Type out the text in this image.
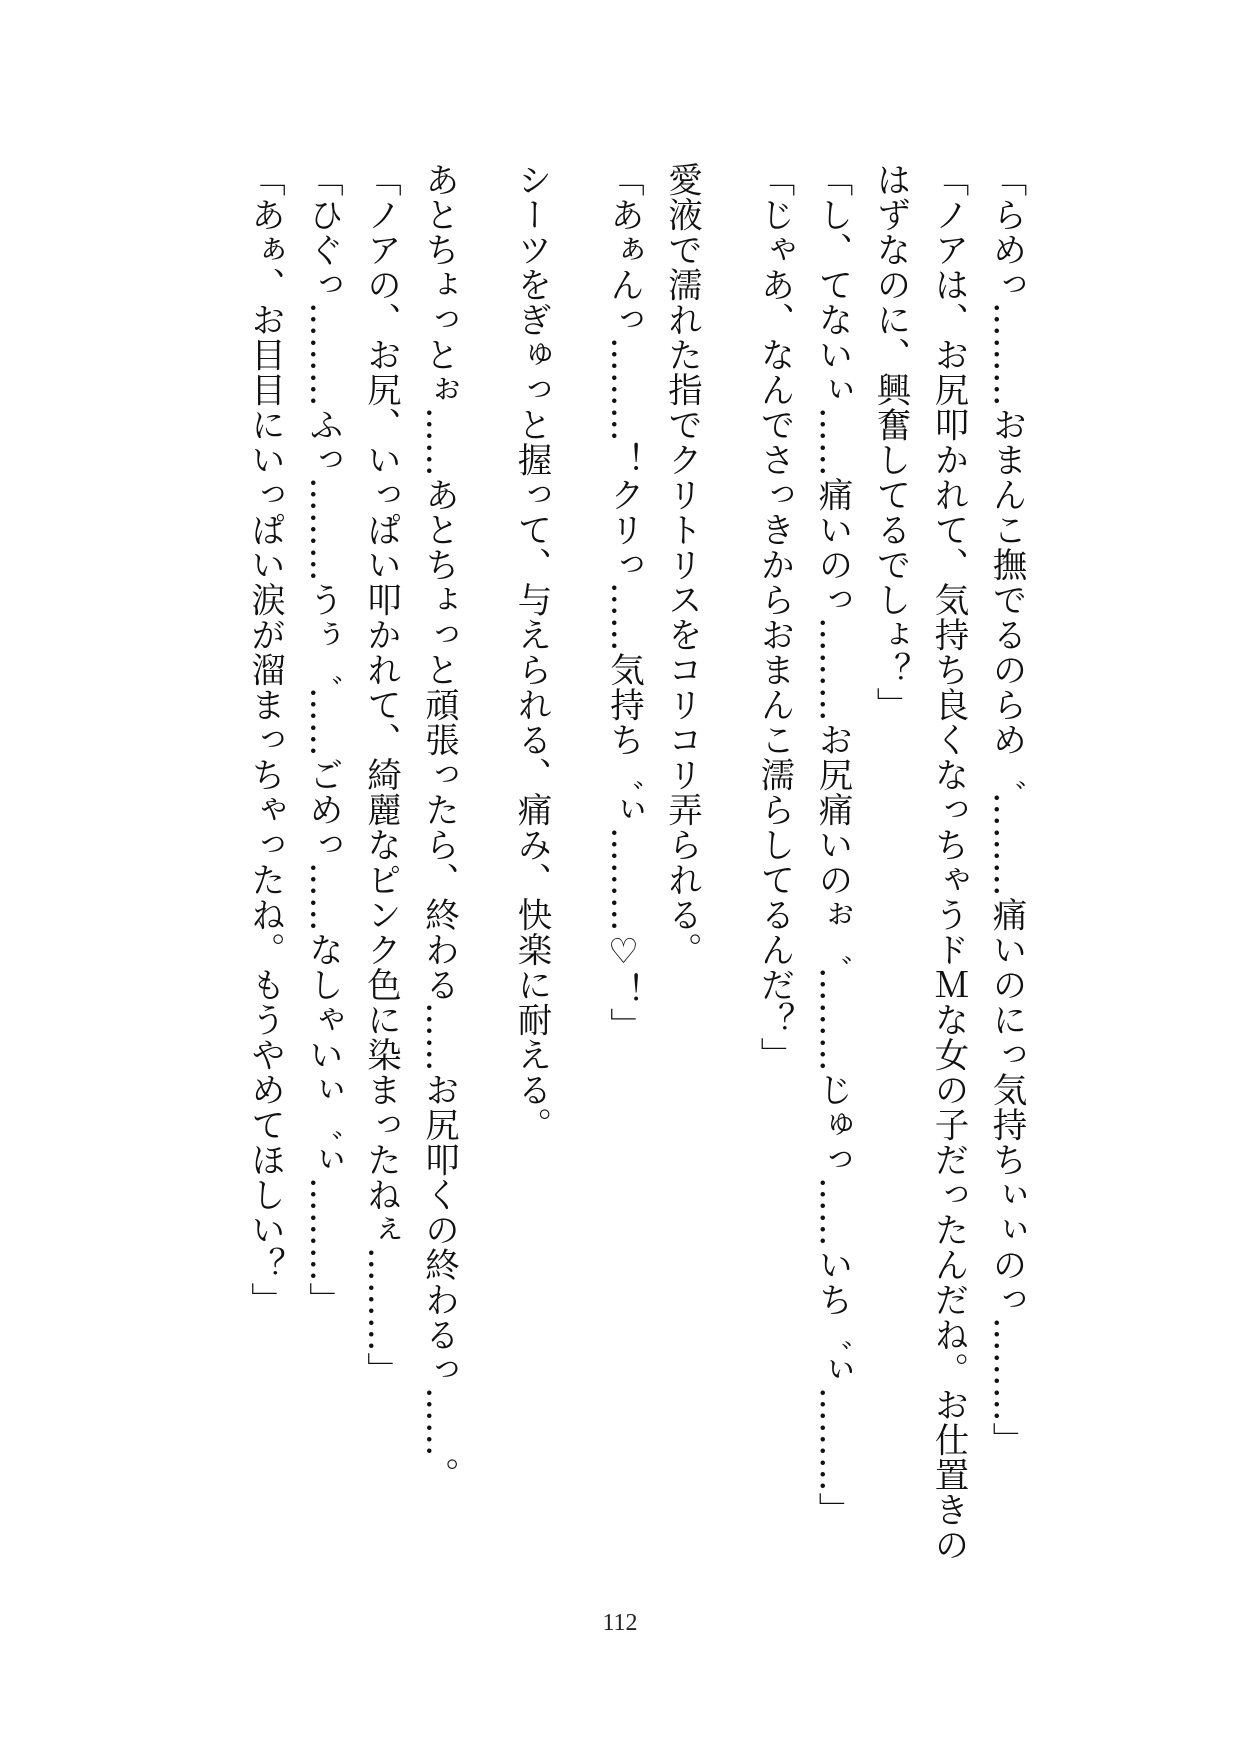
「らめっ………おまんこ撫でるのらめ゛………痛いのにっ気持ちぃぃのっ………」

「ノアは、お尻叩かれて、気持ち良くなっちゃうドＭな女の子だったんだね。お仕置きの

はずなのに、興奮してるでしょ？」

「し、てないぃ……痛いのっ………お尻痛いのぉ゛………じゅっ……いち゛ぃ………」

「じゃあ、なんでさっきからおまんこ濡らしてるんだ？」

愛液で濡れた指でクリトリスをコリコリ弄られる。

「あぁんっ………！クリっ……気持ち゛ぃ………♡！」

シーツをぎゅっと握って、与えられる、痛み、快楽に耐える。

あとちょっとぉ……あとちょっと頑張ったら、終わる……お尻叩くの終わるっ……。

「ノアの、お尻、いっぱい叩かれて、綺麗なピンク色に染まったねぇ………」

「ひぐっ………ふっ………うぅ゛……ごめっ……なしゃいぃ゛ぃ………」

「あぁ、お目目にいっぱい涙が溜まっちゃったね。もうやめてほしい？」

112
